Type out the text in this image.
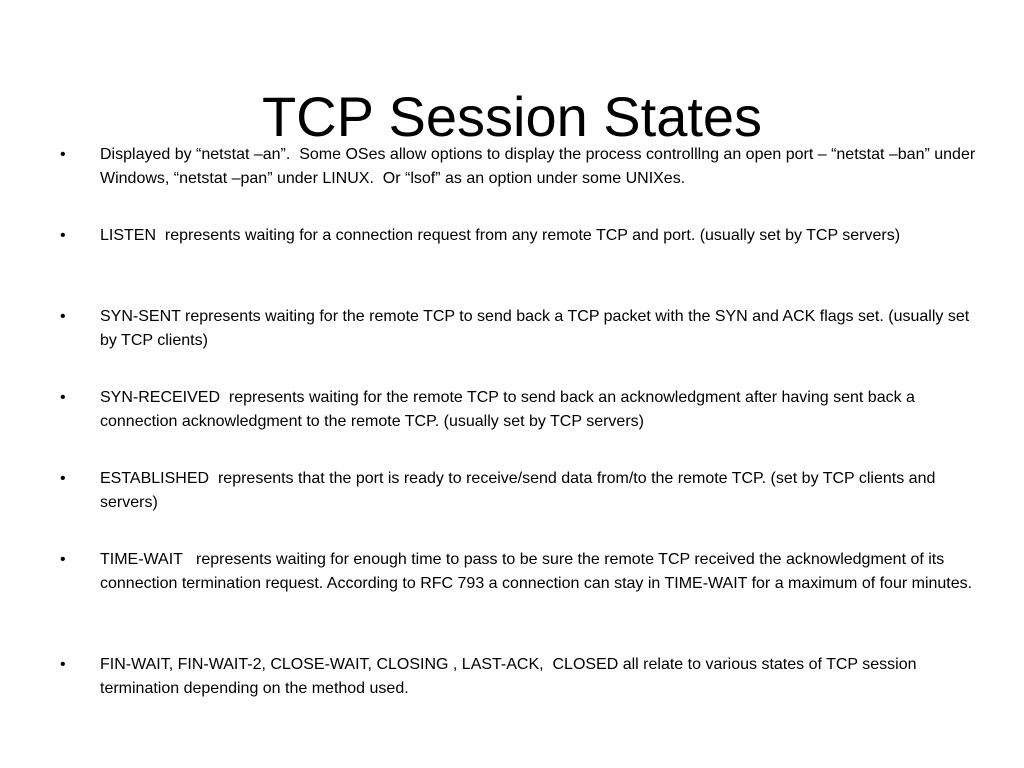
TCP Session States
• Displayed by “netstat –an”.  Some OSes allow options to display the process controlllng an open port – “netstat –ban” under Windows, “netstat –pan” under LINUX.  Or “lsof” as an option under some UNIXes.
• LISTEN  represents waiting for a connection request from any remote TCP and port. (usually set by TCP servers)
• SYN-SENT represents waiting for the remote TCP to send back a TCP packet with the SYN and ACK flags set. (usually set by TCP clients)
• SYN-RECEIVED  represents waiting for the remote TCP to send back an acknowledgment after having sent back a connection acknowledgment to the remote TCP. (usually set by TCP servers)
• ESTABLISHED  represents that the port is ready to receive/send data from/to the remote TCP. (set by TCP clients and servers)
• TIME-WAIT   represents waiting for enough time to pass to be sure the remote TCP received the acknowledgment of its connection termination request. According to RFC 793 a connection can stay in TIME-WAIT for a maximum of four minutes.
• FIN-WAIT, FIN-WAIT-2, CLOSE-WAIT, CLOSING , LAST-ACK,  CLOSED all relate to various states of TCP session termination depending on the method used.
